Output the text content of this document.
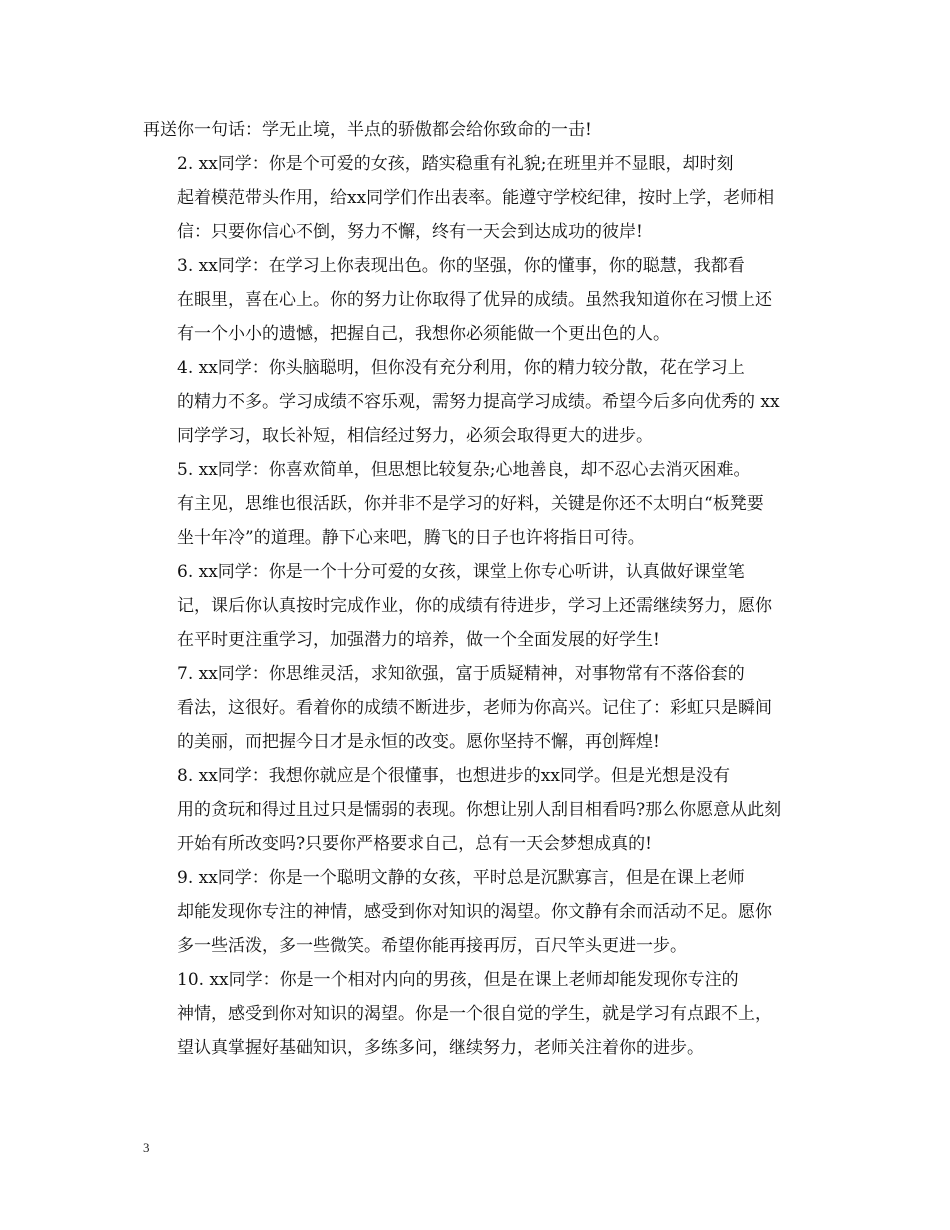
再送你一句话：学无止境，半点的骄傲都会给你致命的一击!

2. xx同学：你是个可爱的女孩，踏实稳重有礼貌;在班里并不显眼，却时刻
起着模范带头作用，给xx同学们作出表率。能遵守学校纪律，按时上学，老师相
信：只要你信心不倒，努力不懈，终有一天会到达成功的彼岸!

3. xx同学：在学习上你表现出色。你的坚强，你的懂事，你的聪慧，我都看
在眼里，喜在心上。你的努力让你取得了优异的成绩。虽然我知道你在习惯上还
有一个小小的遗憾，把握自己，我想你必须能做一个更出色的人。

4. xx同学：你头脑聪明，但你没有充分利用，你的精力较分散，花在学习上
的精力不多。学习成绩不容乐观，需努力提高学习成绩。希望今后多向优秀的 xx
同学学习，取长补短，相信经过努力，必须会取得更大的进步。

5. xx同学：你喜欢简单，但思想比较复杂;心地善良，却不忍心去消灭困难。
有主见，思维也很活跃，你并非不是学习的好料，关键是你还不太明白“板凳要
坐十年冷”的道理。静下心来吧，腾飞的日子也许将指日可待。

6. xx同学：你是一个十分可爱的女孩，课堂上你专心听讲，认真做好课堂笔
记，课后你认真按时完成作业，你的成绩有待进步，学习上还需继续努力，愿你
在平时更注重学习，加强潜力的培养，做一个全面发展的好学生!

7. xx同学：你思维灵活，求知欲强，富于质疑精神，对事物常有不落俗套的
看法，这很好。看着你的成绩不断进步，老师为你高兴。记住了：彩虹只是瞬间
的美丽，而把握今日才是永恒的改变。愿你坚持不懈，再创辉煌!

8. xx同学：我想你就应是个很懂事，也想进步的xx同学。但是光想是没有
用的贪玩和得过且过只是懦弱的表现。你想让别人刮目相看吗?那么你愿意从此刻
开始有所改变吗?只要你严格要求自己，总有一天会梦想成真的!

9. xx同学：你是一个聪明文静的女孩，平时总是沉默寡言，但是在课上老师
却能发现你专注的神情，感受到你对知识的渴望。你文静有余而活动不足。愿你
多一些活泼，多一些微笑。希望你能再接再厉，百尺竿头更进一步。

10. xx同学：你是一个相对内向的男孩，但是在课上老师却能发现你专注的
神情，感受到你对知识的渴望。你是一个很自觉的学生，就是学习有点跟不上，
望认真掌握好基础知识，多练多问，继续努力，老师关注着你的进步。

3
